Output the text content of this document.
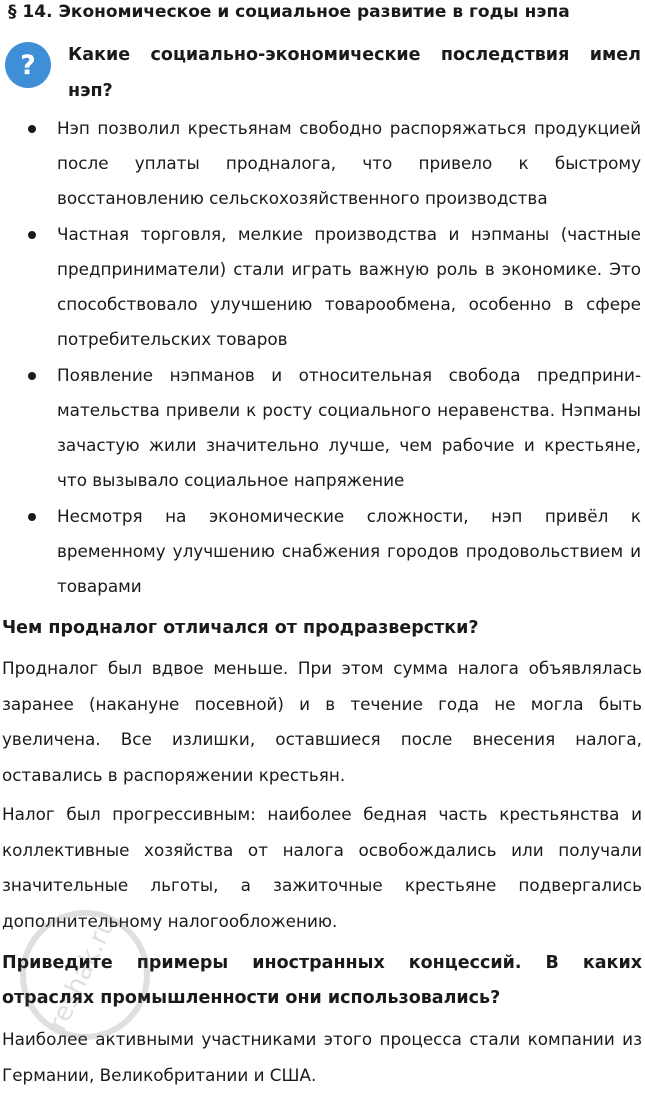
§ 14. Экономическое и социальное развитие в годы нэпа
? Какие социально-экономические последствия имел нэп?
Нэп позволил крестьянам свободно распоряжаться продукцией после уплаты продналога, что привело к быстрому восстановлению сельскохозяйственного производства
Частная торговля, мелкие производства и нэпманы (частные предприниматели) стали играть важную роль в экономике. Это способствовало улучшению товарообмена, особенно в сфере потребительских товаров
Появление нэпманов и относительная свобода предпринимательства привели к росту социального неравенства. Нэпманы зачастую жили значительно лучше, чем рабочие и крестьяне, что вызывало социальное напряжение
Несмотря на экономические сложности, нэп привёл к временному улучшению снабжения городов продовольствием и товарами
Чем продналог отличался от продразверстки?
Продналог был вдвое меньше. При этом сумма налога объявлялась заранее (накануне посевной) и в течение года не могла быть увеличена. Все излишки, оставшиеся после внесения налога, оставались в распоряжении крестьян.
Налог был прогрессивным: наиболее бедная часть крестьянства и коллективные хозяйства от налога освобождались или получали значительные льготы, а зажиточные крестьяне подвергались дополнительному налогообложению.
Приведите примеры иностранных концессий. В каких отраслях промышленности они использовались?
Наиболее активными участниками этого процесса стали компании из Германии, Великобритании и США.
reshak.ru
